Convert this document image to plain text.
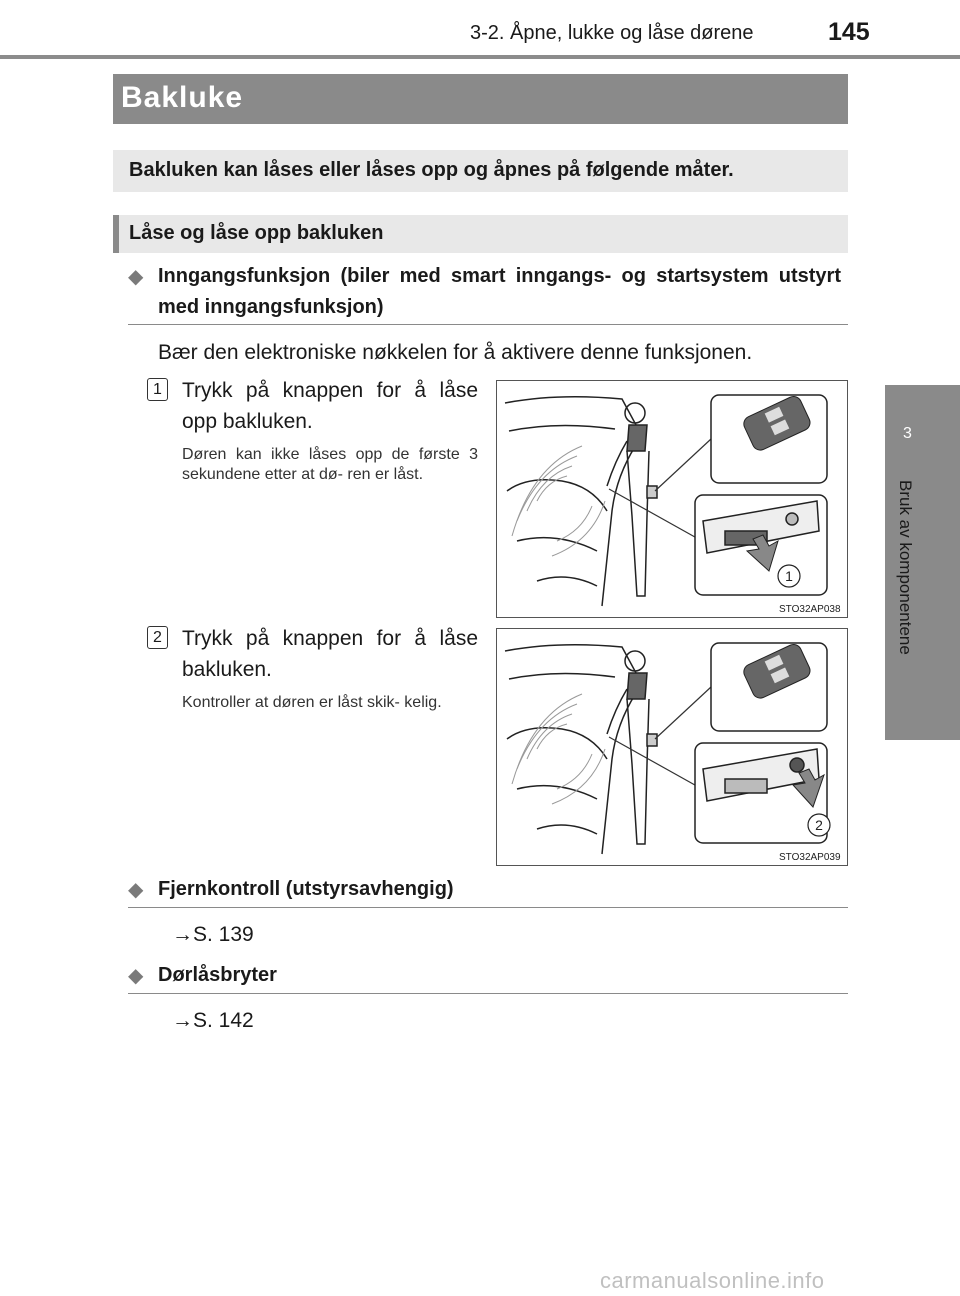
3-2. Åpne, lukke og låse dørene	145
3
Bruk av komponentene
Bakluke
Bakluken kan låses eller låses opp og åpnes på følgende måter.
Låse og låse opp bakluken
◆ Inngangsfunksjon (biler med smart inngangs- og startsystem utstyrt med inngangsfunksjon)
Bær den elektroniske nøkkelen for å aktivere denne funksjonen.
1 Trykk på knappen for å låse opp bakluken.
Døren kan ikke låses opp de første 3 sekundene etter at dø- ren er låst.
1
STO32AP038
2 Trykk på knappen for å låse bakluken.
Kontroller at døren er låst skik- kelig.
2
STO32AP039
◆ Fjernkontroll (utstyrsavhengig)
→S. 139
◆ Dørlåsbryter
→S. 142
carmanualsonline.info
